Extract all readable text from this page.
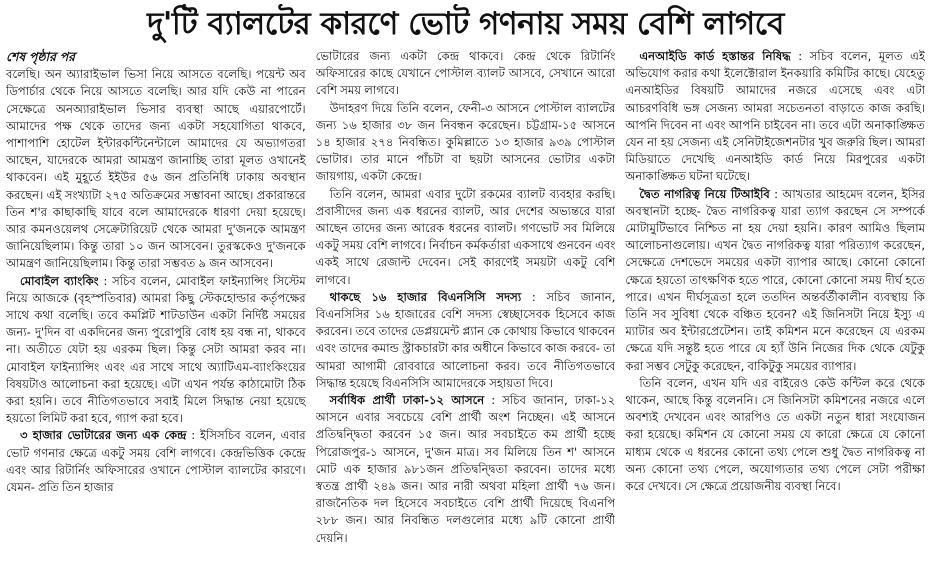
দু'টি ব্যালটের কারণে ভোট গণনায় সময় বেশি লাগবে
শেষ পৃষ্ঠার পর

বলেছি। অন অ্যারাইভাল ভিসা নিয়ে আসতে বলেছি। পয়েন্ট অব ডিপার্চার থেকে নিয়ে আসতে বলেছি। আর যদি কেউ না পারেন সেক্ষেত্রে অনঅ্যারাইভাল ভিসার ব্যবস্থা আছে এয়ারপোর্টে। আমাদের পক্ষ থেকে তাদের জন্য একটা সহযোগিতা থাকবে, পাশাপাশি হোটেল ইন্টারকন্টিনেন্টালে আমাদের যে অভ্যাগতরা আছেন, যাদেরকে আমরা আমন্ত্রণ জানাচ্ছি তারা মূলত ওখানেই থাকবেন। এই মুহূর্তে ইইউর ৫৬ জন প্রতিনিধি ঢাকায় অবস্থান করছেন। এই সংখ্যাটা ২৭৫ অতিক্রমের সম্ভাবনা আছে। প্রকারান্তরে তিন শ'র কাছাকাছি যাবে বলে আমাদেরকে ধারণা দেয়া হয়েছে। আর কমনওয়েলথ সেক্রেটারিয়েট থেকে আমরা দু'জনকে আমন্ত্রণ জানিয়েছিলাম। কিন্তু তারা ১০ জন আসবেন। তুরস্ককেও দু'জনকে আমন্ত্রণ জানিয়েছিলাম। কিন্তু তারা সম্ভবত ৯ জন আসবেন।

মোবাইল ব্যাংকিং : সচিব বলেন, মোবাইল ফাইন্যান্সিং সিস্টেম নিয়ে আজকে (বৃহস্পতিবার) আমরা কিছু স্টেকহোল্ডার কর্তৃপক্ষের সাথে কথা বলেছি। তবে কমপ্লিট শাটডাউন একটা নির্দিষ্ট সময়ের জন্য- দু'দিন বা একদিনের জন্য পুরোপুরি বোধ হয় বন্ধ না, থাকবে না। অতীতে যেটা হয় এরকম ছিল। কিন্তু সেটা আমরা করব না। মোবাইল ফাইন্যান্সিং এবং এর সাথে সাথে অ্যাটিএম-ব্যাংকিংয়ের বিষয়টাও আলোচনা করা হয়েছে। এটা এখন পর্যন্ত কাঠামোটা ঠিক করা হয়নি। তবে নীতিগতভাবে সবাই মিলে সিদ্ধান্ত নেয়া হয়েছে হয়তো লিমিট করা হবে, গ্যাপ করা হবে।

৩ হাজার ভোটারের জন্য এক কেন্দ্র : ইসিসচিব বলেন, এবার ভোট গণনার ক্ষেত্রে একটু সময় বেশি লাগবে। কেন্দ্রভিত্তিক কেন্দ্রে এবং আর রিটার্নিং অফিসারের ওখানে পোস্টাল ব্যালটের কারণে। যেমন- প্রতি তিন হাজার

ভোটারের জন্য একটা কেন্দ্র থাকবে। কেন্দ্র থেকে রিটার্নিং অফিসারের কাছে যেখানে পোস্টাল ব্যালট আসবে, সেখানে আরো বেশি সময় লাগবে।

উদাহরণ দিয়ে তিনি বলেন, ফেনী-৩ আসনে পোস্টাল ব্যালটের জন্য ১৬ হাজার ৩৮ জন নিবন্ধন করেছেন। চট্টগ্রাম-১৫ আসনে ১৪ হাজার ২৭৪ নিবন্ধিত। কুমিল্লাতে ১৩ হাজার ৯৩৯ পোস্টাল ভোটার। তার মানে পাঁচটা বা ছয়টা আসনের ভোটার একটা জায়গায়, একটা কেন্দ্রে।

তিনি বলেন, আমরা এবার দুটো রকমের ব্যালট ব্যবহার করছি। প্রবাসীদের জন্য এক ধরনের ব্যালট, আর দেশের অভ্যন্তরে যারা আছেন তাদের জন্য আরেক ধরনের ব্যালট। গণভোট সব মিলিয়ে একটু সময় বেশি লাগবে। নির্বাচন কর্মকর্তারা একসাথে গুনবেন এবং একই সাথে রেজাল্ট দেবেন। সেই কারণেই সময়টা একটু বেশি লাগবে।

থাকছে ১৬ হাজার বিএনসিসি সদস্য : সচিব জানান, বিএনসিসির ১৬ হাজারের বেশি সদস্য স্বেচ্ছাসেবক হিসেবে কাজ করবেন। তবে তাদের ডেপ্লয়মেন্ট প্ল্যান কে কোথায় কিভাবে থাকবেন এবং তাদের কমান্ড স্ট্রাকচারটা কার অধীনে কিভাবে কাজ করবে- তা আমরা আগামী রোববারে আলোচনা করব। তবে নীতিগতভাবে সিদ্ধান্ত হয়েছে বিএনসিসি আমাদেরকে সহায়তা দিবে।

সর্বাধিক প্রার্থী ঢাকা-১২ আসনে : সচিব জানান, ঢাকা-১২ আসনে এবার সবচেয়ে বেশি প্রার্থী অংশ নিচ্ছেন। এই আসনে প্রতিদ্বন্দ্বিতা করবেন ১৫ জন। আর সবচাইতে কম প্রার্থী হচ্ছে পিরোজপুর-১ আসনে, দু'জন মাত্র। সব মিলিয়ে তিন শ' আসনে মোট এক হাজার ৯৮১জন প্রতিদ্বন্দ্বিতা করবেন। তাদের মধ্যে স্বতন্ত্র প্রার্থী ২৪৯ জন। আর নারী অথবা মহিলা প্রার্থী ৭৬ জন। রাজনৈতিক দল হিসেবে সবচাইতে বেশি প্রার্থী দিয়েছে বিএনপি ২৮৮ জন। আর নিবন্ধিত দলগুলোর মধ্যে ৯টি কোনো প্রার্থী দেয়নি।

এনআইডি কার্ড হস্তান্তর নিষিদ্ধ : সচিব বলেন, মূলত এই অভিযোগ করার কথা ইলেক্টোরাল ইনকয়ারি কমিটির কাছে। যেহেতু এনআইডির বিষয়টি আমাদের নজরে এসেছে এবং এটা আচরণবিধি ভঙ্গ সেজন্য আমরা সচেতনতা বাড়াতে কাজ করছি। আপনি দিবেন না এবং আপনি চাইবেন না। তবে এটা অনাকাঙ্ক্ষিত যেন না হয় সেজন্য এই সেনিটাইজেশনটার খুব জরুরি ছিল। আমরা মিডিয়াতে দেখেছি এনআইডি কার্ড নিয়ে মিরপুরের একটা অনাকাঙ্ক্ষিত ঘটনা ঘটেছে।

দ্বৈত নাগরিত্ব নিয়ে টিআইবি : আখতার আহমেদ বলেন, ইসির অবস্থানটা হচ্ছে- দ্বৈত নাগরিকত্ব যারা ত্যাগ করছেন সে সম্পর্কে মোটামুটিভাবে নিশ্চিত না হয় দেয়া হয়নি। কারণ আমিও ছিলাম আলোচনাগুলোয়। এখন দ্বৈত নাগরিকত্ব যারা পরিত্যাগ করেছেন, সেক্ষেত্রে দেশভেদে সময়ের একটা ব্যাপার আছে। কোনো কোনো ক্ষেত্রে হয়তো তাৎক্ষণিক হতে পারে, কোনো কোনো সময় দীর্ঘ হতে পারে। এখন দীর্ঘসূত্রতা হলে ততদিন অন্তর্বর্তীকালীন ব্যবস্থায় কি তিনি সব সুবিধা থেকে বঞ্চিত হবেন? এই জিনিসটা নিয়ে ইস্যু এ ম্যাটার অব ইন্টারপ্রেটেশন। তাই কমিশন মনে করেছেন যে এরকম ক্ষেত্রে যদি সন্তুষ্ট হতে পারে যে হ্যাঁ উনি নিজের দিক থেকে যেটুকু করা সম্ভব সেটুকু করেছেন, বাকিটুকু সময়ের ব্যাপার।

তিনি বলেন, এখন যদি এর বাইরেও কেউ কন্টিল করে থেকে থাকেন, আছে কিন্তু বলেননি। সে জিনিসটা কমিশনের নজরে এলে অবশ্যই দেখবেন এবং আরপিও তে একটা নতুন ধারা সংযোজন করা হয়েছে। কমিশন যে কোনো সময় যে কারো ক্ষেত্রে যে কোনো মাধ্যম থেকে এ ধরনের কোনো তথ্য পেলে শুধু দ্বৈত নাগরিকত্ব না অন্য কোনো তথ্য পেলে, অযোগ্যতার তথ্য পেলে সেটা পরীক্ষা করে দেখবে। সে ক্ষেত্রে প্রয়োজনীয় ব্যবস্থা নিবে।
